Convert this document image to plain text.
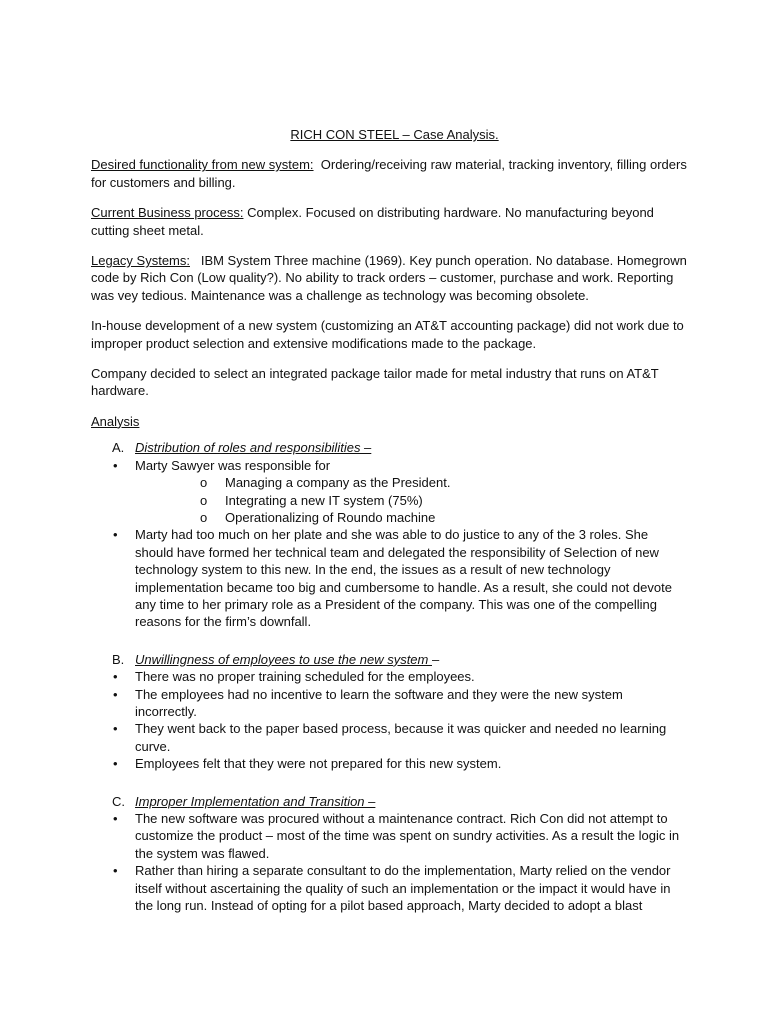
RICH CON STEEL – Case Analysis.

Desired functionality from new system:  Ordering/receiving raw material, tracking inventory, filling orders for customers and billing.

Current Business process: Complex. Focused on distributing hardware. No manufacturing beyond cutting sheet metal.

Legacy Systems:   IBM System Three machine (1969). Key punch operation. No database. Homegrown code by Rich Con (Low quality?). No ability to track orders – customer, purchase and work. Reporting was vey tedious. Maintenance was a challenge as technology was becoming obsolete.

In-house development of a new system (customizing an AT&T accounting package) did not work due to improper product selection and extensive modifications made to the package.

Company decided to select an integrated package tailor made for metal industry that runs on AT&T hardware.

Analysis

A. Distribution of roles and responsibilities –
• Marty Sawyer was responsible for
o Managing a company as the President.
o Integrating a new IT system (75%)
o Operationalizing of Roundo machine
• Marty had too much on her plate and she was able to do justice to any of the 3 roles. She should have formed her technical team and delegated the responsibility of Selection of new technology system to this new. In the end, the issues as a result of new technology implementation became too big and cumbersome to handle. As a result, she could not devote any time to her primary role as a President of the company. This was one of the compelling reasons for the firm’s downfall.
B. Unwillingness of employees to use the new system –
• There was no proper training scheduled for the employees.
• The employees had no incentive to learn the software and they were the new system incorrectly.
• They went back to the paper based process, because it was quicker and needed no learning curve.
• Employees felt that they were not prepared for this new system.
C. Improper Implementation and Transition –
• The new software was procured without a maintenance contract. Rich Con did not attempt to customize the product – most of the time was spent on sundry activities. As a result the logic in the system was flawed.
• Rather than hiring a separate consultant to do the implementation, Marty relied on the vendor itself without ascertaining the quality of such an implementation or the impact it would have in the long run. Instead of opting for a pilot based approach, Marty decided to adopt a blast
